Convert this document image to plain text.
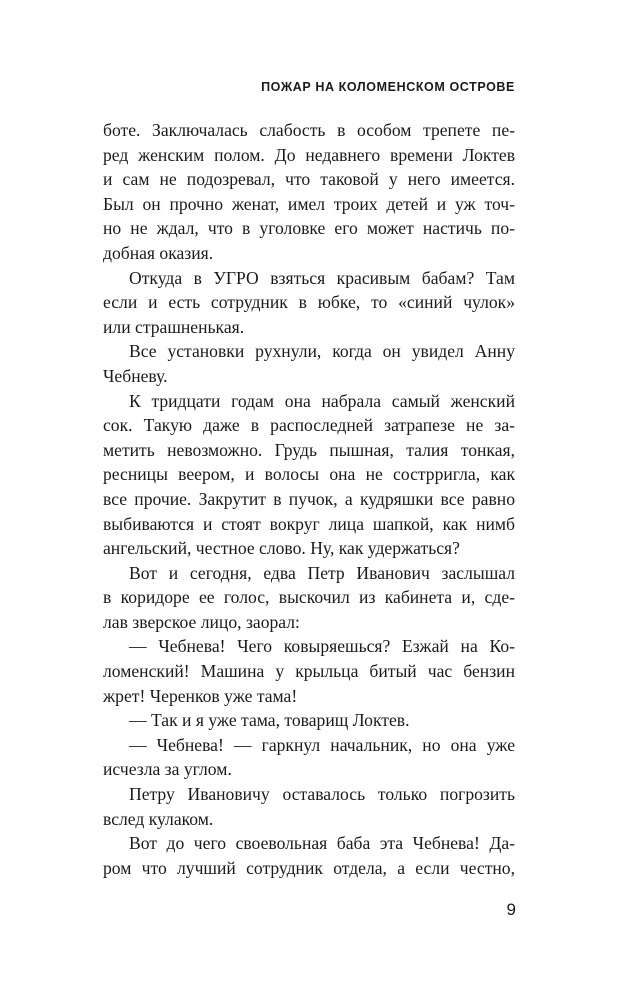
ПОЖАР НА КОЛОМЕНСКОМ ОСТРОВЕ
боте. Заключалась слабость в особом трепете пе-
ред женским полом. До недавнего времени Локтев
и сам не подозревал, что таковой у него имеется.
Был он прочно женат, имел троих детей и уж точ-
но не ждал, что в уголовке его может настичь по-
добная оказия.
Откуда в УГРО взяться красивым бабам? Там
если и есть сотрудник в юбке, то «синий чулок»
или страшненькая.
Все установки рухнули, когда он увидел Анну
Чебневу.
К тридцати годам она набрала самый женский
сок. Такую даже в распоследней затрапезе не за-
метить невозможно. Грудь пышная, талия тонкая,
ресницы веером, и волосы она не сострригла, как
все прочие. Закрутит в пучок, а кудряшки все равно
выбиваются и стоят вокруг лица шапкой, как нимб
ангельский, честное слово. Ну, как удержаться?
Вот и сегодня, едва Петр Иванович заслышал
в коридоре ее голос, выскочил из кабинета и, сде-
лав зверское лицо, заорал:
— Чебнева! Чего ковыряешься? Езжай на Ко-
ломенский! Машина у крыльца битый час бензин
жрет! Черенков уже тама!
— Так и я уже тама, товарищ Локтев.
— Чебнева! — гаркнул начальник, но она уже
исчезла за углом.
Петру Ивановичу оставалось только погрозить
вслед кулаком.
Вот до чего своевольная баба эта Чебнева! Да-
ром что лучший сотрудник отдела, а если честно,
9
